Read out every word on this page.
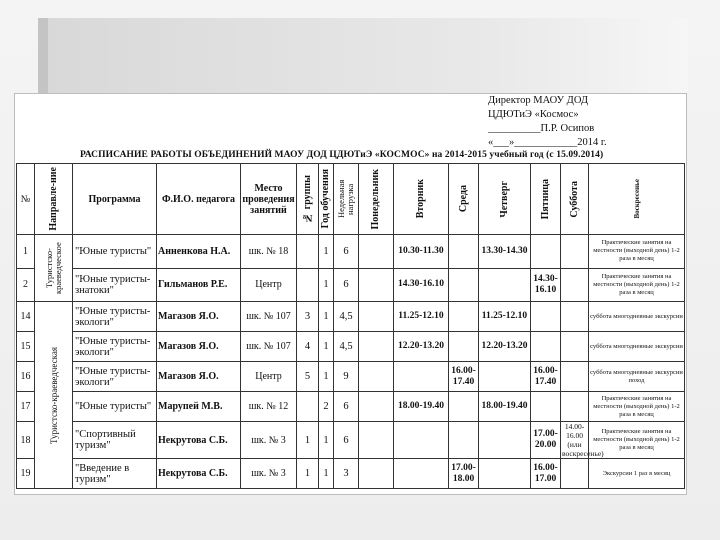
Директор МАОУ ДОД
ЦДЮТиЭ «Космос»
__________П.Р. Осипов
«___»____________2014 г.
РАСПИСАНИЕ РАБОТЫ ОБЪЕДИНЕНИЙ МАОУ ДОД ЦДЮТиЭ «КОСМОС» на 2014-2015 учебный год (с 15.09.2014)
№	Направле-ние	Программа	Ф.И.О. педагога	Место проведения занятий	№ группы	Год обучения	Недельная нагрузка	Понедельник	Вторник	Среда	Четверг	Пятница	Суббота	Воскресенье

1	Туристско-краеведческое	"Юные туристы"	Анненкова Н.А.	шк. № 18		1	6		10.30-11.30		13.30-14.30			Практические занятия на местности (выходной день) 1-2 раза в месяц
2		"Юные туристы-знатоки"	Гильманов Р.Е.	Центр		1	6		14.30-16.10			14.30-16.10		Практические занятия на местности (выходной день) 1-2 раза в месяц
14	Туристско-краеведческая	"Юные туристы-экологи"	Магазов Я.О.	шк. № 107	3	1	4,5		11.25-12.10		11.25-12.10			суббота многодневные экскурсии
15		"Юные туристы-экологи"	Магазов Я.О.	шк. № 107	4	1	4,5		12.20-13.20		12.20-13.20			суббота многодневные экскурсии
16		"Юные туристы-экологи"	Магазов Я.О.	Центр	5	1	9			16.00-17.40		16.00-17.40		суббота многодневные экскурсии поход
17		"Юные туристы"	Марупей М.В.	шк. № 12		2	6		18.00-19.40		18.00-19.40			Практические занятия на местности (выходной день) 1-2 раза в месяц
18		"Спортивный туризм"	Некрутова С.Б.	шк. № 3	1	1	6					17.00-20.00	14.00-16.00 (или воскресенье)	Практические занятия на местности (выходной день) 1-2 раза в месяц
19		"Введение в туризм"	Некрутова С.Б.	шк. № 3	1	1	3			17.00-18.00		16.00-17.00		Экскурсии 1 раз в месяц
